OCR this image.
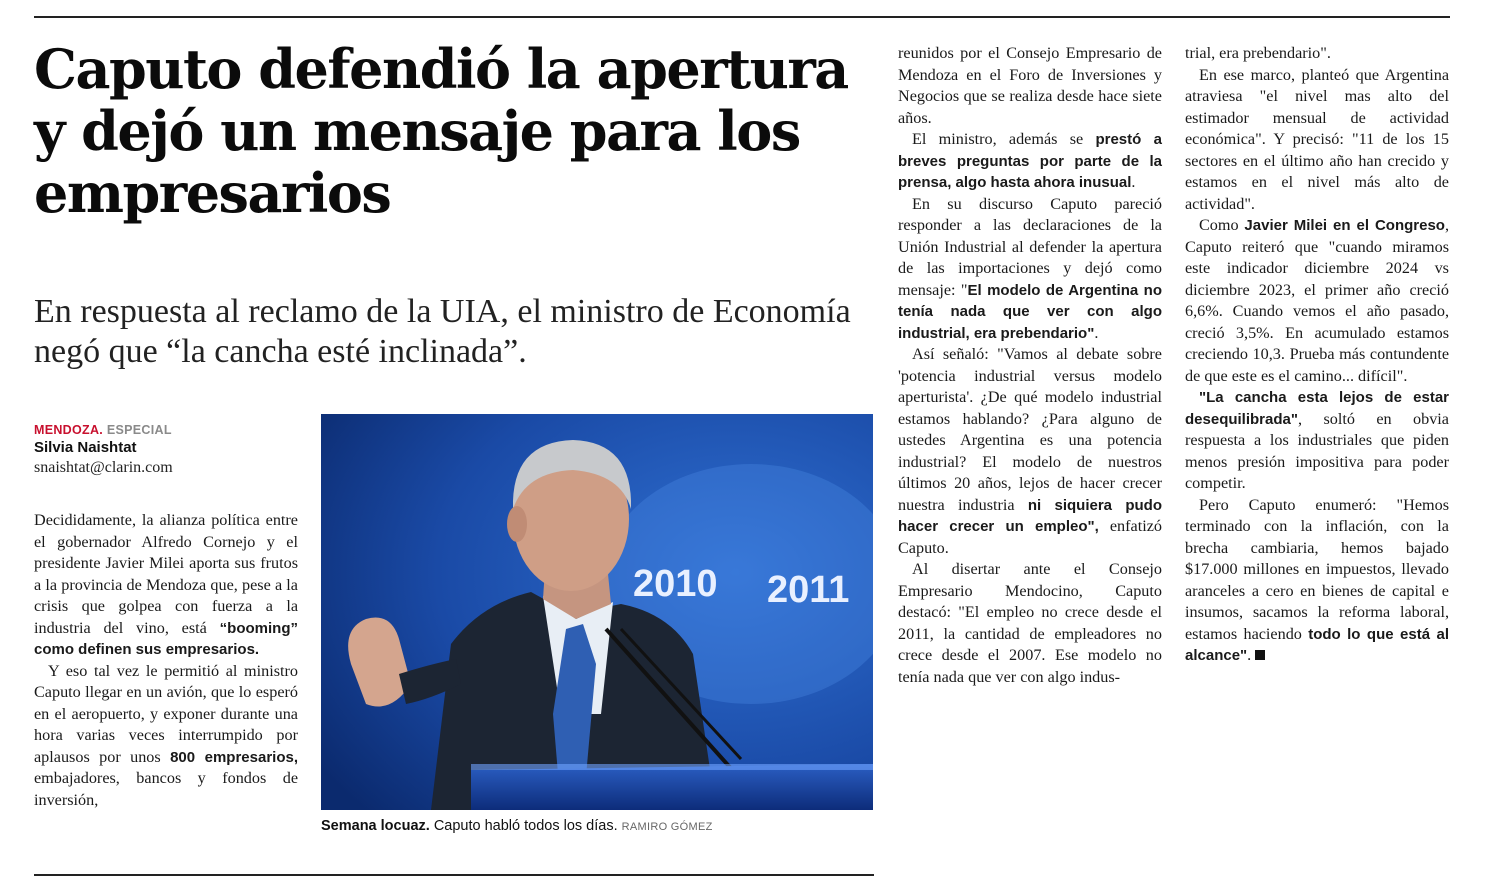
Caputo defendió la apertura y dejó un mensaje para los empresarios

En respuesta al reclamo de la UIA, el ministro de Economía negó que “la cancha esté inclinada”.

MENDOZA. ESPECIAL
Silvia Naishtat
snaishtat@clarin.com

Decididamente, la alianza política entre el gobernador Alfredo Cornejo y el presidente Javier Milei aporta sus frutos a la provincia de Mendoza que, pese a la crisis que golpea con fuerza a la industria del vino, está “booming” como definen sus empresarios.

Y eso tal vez le permitió al ministro Caputo llegar en un avión, que lo esperó en el aeropuerto, y exponer durante una hora varias veces interrumpido por aplausos por unos 800 empresarios, embajadores, bancos y fondos de inversión,

2010 2011
Semana locuaz. Caputo habló todos los días. RAMIRO GÓMEZ

reunidos por el Consejo Empresario de Mendoza en el Foro de Inversiones y Negocios que se realiza desde hace siete años.

El ministro, además se prestó a breves preguntas por parte de la prensa, algo hasta ahora inusual.

En su discurso Caputo pareció responder a las declaraciones de la Unión Industrial al defender la apertura de las importaciones y dejó como mensaje: "El modelo de Argentina no tenía nada que ver con algo industrial, era prebendario".

Así señaló: "Vamos al debate sobre 'potencia industrial versus modelo aperturista'. ¿De qué modelo industrial estamos hablando? ¿Para alguno de ustedes Argentina es una potencia industrial? El modelo de nuestros últimos 20 años, lejos de hacer crecer nuestra industria ni siquiera pudo hacer crecer un empleo", enfatizó Caputo.

Al disertar ante el Consejo Empresario Mendocino, Caputo destacó: "El empleo no crece desde el 2011, la cantidad de empleadores no crece desde el 2007. Ese modelo no tenía nada que ver con algo indus-

trial, era prebendario".

En ese marco, planteó que Argentina atraviesa "el nivel mas alto del estimador mensual de actividad económica". Y precisó: "11 de los 15 sectores en el último año han crecido y estamos en el nivel más alto de actividad".

Como Javier Milei en el Congreso, Caputo reiteró que "cuando miramos este indicador diciembre 2024 vs diciembre 2023, el primer año creció 6,6%. Cuando vemos el año pasado, creció 3,5%. En acumulado estamos creciendo 10,3. Prueba más contundente de que este es el camino... difícil".

"La cancha esta lejos de estar desequilibrada", soltó en obvia respuesta a los industriales que piden menos presión impositiva para poder competir.

Pero Caputo enumeró: "Hemos terminado con la inflación, con la brecha cambiaria, hemos bajado $17.000 millones en impuestos, llevado aranceles a cero en bienes de capital e insumos, sacamos la reforma laboral, estamos haciendo todo lo que está al alcance".
